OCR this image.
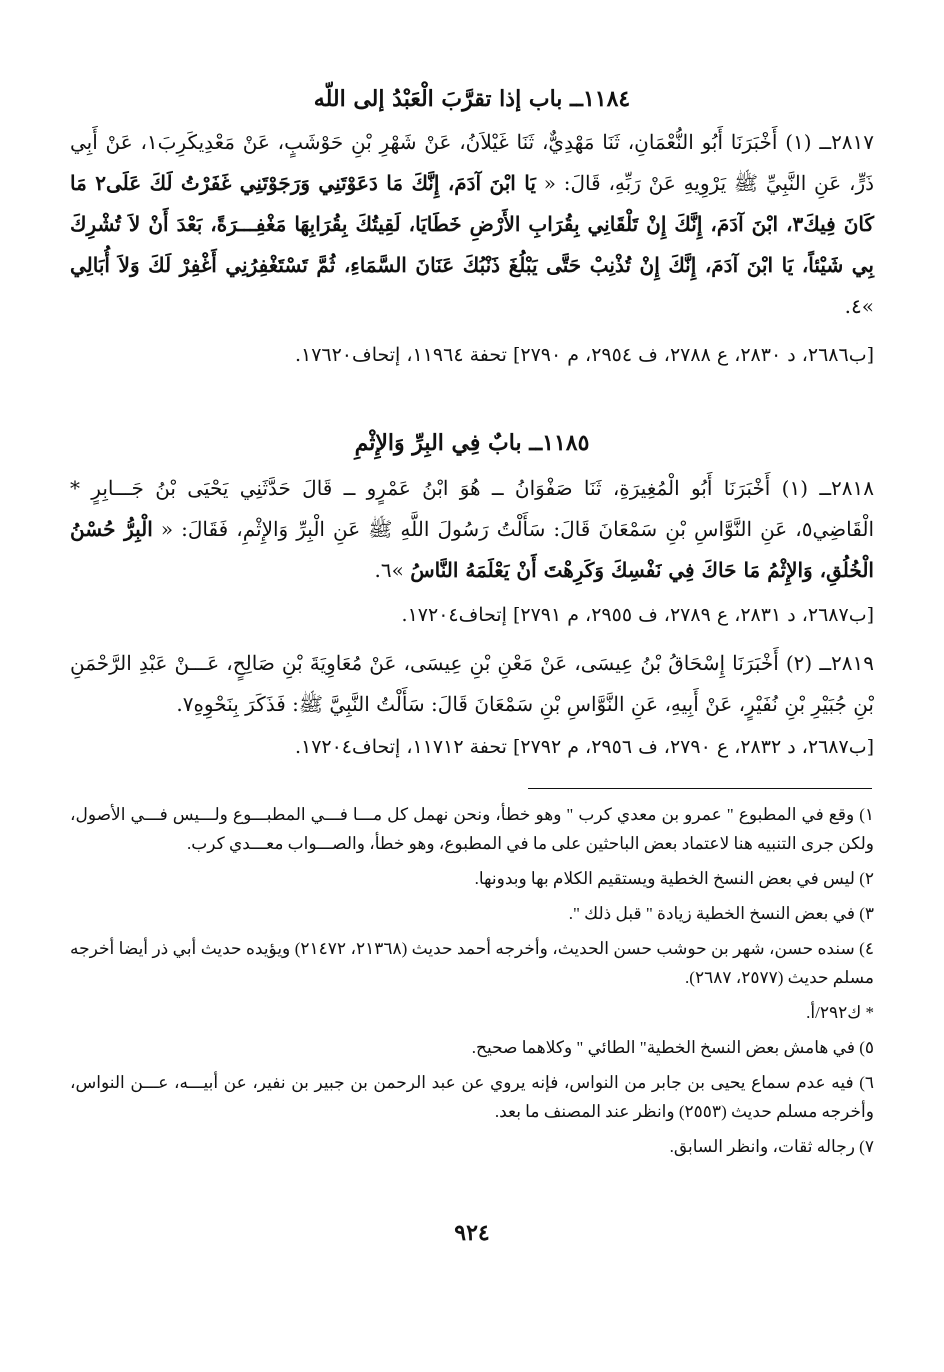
١١٨٤ــ باب إذا تقرَّبَ الْعَبْدُ إلى اللّه
٢٨١٧ــ (١) أَخْبَرَنَا أَبُو النُّعْمَانِ، ثَنَا مَهْدِيٌّ، ثَنَا غَيْلاَنُ، عَنْ شَهْرِ بْنِ حَوْشَبٍ، عَنْ مَعْدِيكَرِبَ١، عَنْ أَبِي ذَرٍّ، عَنِ النَّبِيِّ ﷺ يَرْوِيهِ عَنْ رَبِّهِ، قَالَ: « يَا ابْنَ آدَمَ، إِنَّكَ مَا دَعَوْتَنِي وَرَجَوْتَنِي غَفَرْتُ لَكَ عَلَى٢ مَا كَانَ فِيكَ٣، ابْنَ آدَمَ، إِنَّكَ إِنْ تَلْقَانِي بِقُرَابِ الأَرْضِ خَطَايَا، لَقِيتُكَ بِقُرَابِهَا مَغْفِـــرَةً، بَعْدَ أَنْ لاَ تُشْرِكَ بِي شَيْئاً، يَا ابْنَ آدَمَ، إِنَّكَ إِنْ تُذْنِبْ حَتَّى يَبْلُغَ ذَنْبُكَ عَنَانَ السَّمَاءِ، ثُمَّ تَسْتَغْفِرُنِي أَغْفِرْ لَكَ وَلاَ أُبَالِي »٤.
[ب٢٦٨٦، د ٢٨٣٠، ع ٢٧٨٨، ف ٢٩٥٤، م ٢٧٩٠] تحفة ١١٩٦٤، إتحاف١٧٦٢٠.
١١٨٥ــ بابٌ فِي البِرِّ وَالإِثْمِ
٢٨١٨ــ (١) أَخْبَرَنَا أَبُو الْمُغِيرَةِ، ثَنَا صَفْوَانُ ــ هُوَ ابْنُ عَمْرٍو ــ قَالَ حَدَّثَنِي يَحْيَى بْنُ جَـــابِرٍ * الْقَاضِي٥، عَنِ النَّوَّاسِ بْنِ سَمْعَانَ قَالَ: سَأَلْتُ رَسُولَ اللَّهِ ﷺ عَنِ الْبِرِّ وَالإِثْمِ، فَقَالَ: « الْبِرُّ حُسْنُ الْخُلُقِ، وَالإِثْمُ مَا حَاكَ فِي نَفْسِكَ وَكَرِهْتَ أَنْ يَعْلَمَهُ النَّاسُ »٦.
[ب٢٦٨٧، د ٢٨٣١، ع ٢٧٨٩، ف ٢٩٥٥، م ٢٧٩١] إتحاف١٧٢٠٤.
٢٨١٩ــ (٢) أَخْبَرَنَا إِسْحَاقُ بْنُ عِيسَى، عَنْ مَعْنِ بْنِ عِيسَى، عَنْ مُعَاوِيَةَ بْنِ صَالِحٍ، عَـــنْ عَبْدِ الرَّحْمَنِ بْنِ جُبَيْرِ بْنِ نُفَيْرٍ، عَنْ أَبِيهِ، عَنِ النَّوَّاسِ بْنِ سَمْعَانَ قَالَ: سَأَلْتُ النَّبِيَّ ﷺ: فَذَكَرَ بِنَحْوِهِ٧.
[ب٢٦٨٧، د ٢٨٣٢، ع ٢٧٩٠، ف ٢٩٥٦، م ٢٧٩٢] تحفة ١١٧١٢، إتحاف١٧٢٠٤.

١) وقع في المطبوع " عمرو بن معدي كرب " وهو خطأ، ونحن نهمل كل مـــا فـــي المطبـــوع ولـــيس فـــي الأصول، ولكن جرى التنبيه هنا لاعتماد بعض الباحثين على ما في المطبوع، وهو خطأ، والصـــواب معـــدي كرب.

٢) ليس في بعض النسخ الخطية ويستقيم الكلام بها وبدونها.

٣) في بعض النسخ الخطية زيادة " قبل ذلك ".

٤) سنده حسن، شهر بن حوشب حسن الحديث، وأخرجه أحمد حديث (٢١٣٦٨، ٢١٤٧٢) ويؤيده حديث أبي ذر أيضا أخرجه مسلم حديث (٢٥٧٧، ٢٦٨٧).

* ك٢٩٢/أ.

٥) في هامش بعض النسخ الخطية" الطائي " وكلاهما صحيح.

٦) فيه عدم سماع يحيى بن جابر من النواس، فإنه يروي عن عبد الرحمن بن جبير بن نفير، عن أبيـــه، عـــن النواس، وأخرجه مسلم حديث (٢٥٥٣) وانظر عند المصنف ما بعد.

٧) رجاله ثقات، وانظر السابق.

٩٢٤
